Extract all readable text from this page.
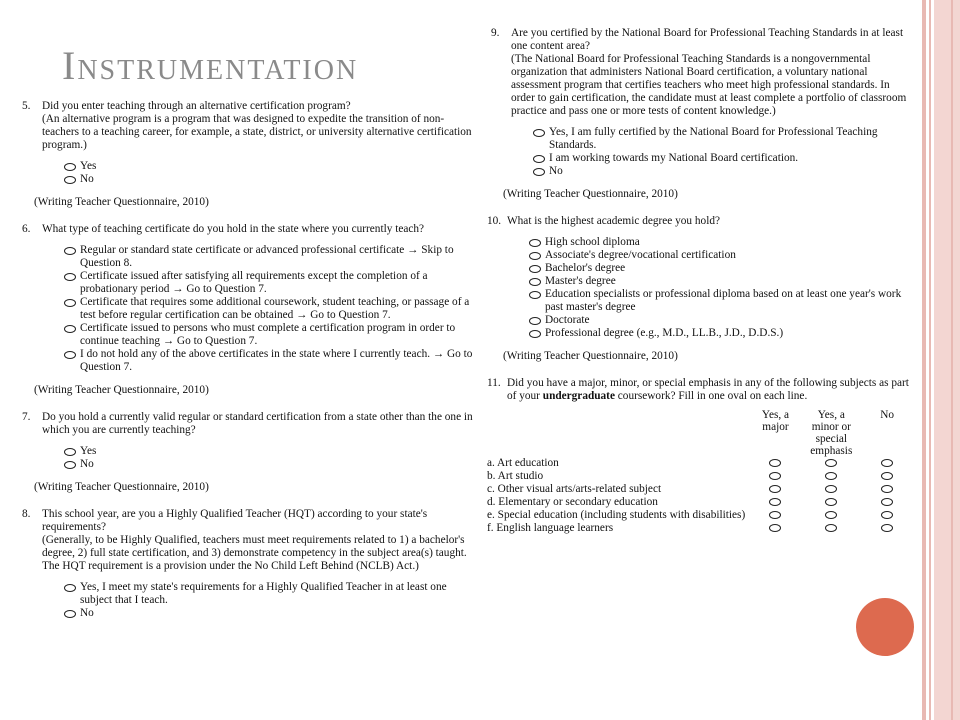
Instrumentation
5.	Did you enter teaching through an alternative certification program?
(An alternative program is a program that was designed to expedite the transition of non-teachers to a teaching career, for example, a state, district, or university alternative certification program.)
Yes
No
(Writing Teacher Questionnaire, 2010)
6.	What type of teaching certificate do you hold in the state where you currently teach?
Regular or standard state certificate or advanced professional certificate → Skip to Question 8.
Certificate issued after satisfying all requirements except the completion of a probationary period → Go to Question 7.
Certificate that requires some additional coursework, student teaching, or passage of a test before regular certification can be obtained → Go to Question 7.
Certificate issued to persons who must complete a certification program in order to continue teaching → Go to Question 7.
I do not hold any of the above certificates in the state where I currently teach. → Go to Question 7.
(Writing Teacher Questionnaire, 2010)
7.	Do you hold a currently valid regular or standard certification from a state other than the one in which you are currently teaching?
Yes
No
(Writing Teacher Questionnaire, 2010)
8.	This school year, are you a Highly Qualified Teacher (HQT) according to your state's requirements?
(Generally, to be Highly Qualified, teachers must meet requirements related to 1) a bachelor's degree, 2) full state certification, and 3) demonstrate competency in the subject area(s) taught. The HQT requirement is a provision under the No Child Left Behind (NCLB) Act.)
Yes, I meet my state's requirements for a Highly Qualified Teacher in at least one subject that I teach.
No
9.	Are you certified by the National Board for Professional Teaching Standards in at least one content area?
(The National Board for Professional Teaching Standards is a nongovernmental organization that administers National Board certification, a voluntary national assessment program that certifies teachers who meet high professional standards. In order to gain certification, the candidate must at least complete a portfolio of classroom practice and pass one or more tests of content knowledge.)
Yes, I am fully certified by the National Board for Professional Teaching Standards.
I am working towards my National Board certification.
No
(Writing Teacher Questionnaire, 2010)
10. What is the highest academic degree you hold?
High school diploma
Associate's degree/vocational certification
Bachelor's degree
Master's degree
Education specialists or professional diploma based on at least one year's work past master's degree
Doctorate
Professional degree (e.g., M.D., LL.B., J.D., D.D.S.)
(Writing Teacher Questionnaire, 2010)
11. Did you have a major, minor, or special emphasis in any of the following subjects as part of your undergraduate coursework? Fill in one oval on each line.
	Yes, a major	Yes, a minor or special emphasis	No
a. Art education			
b. Art studio			
c. Other visual arts/arts-related subject			
d. Elementary or secondary education			
e. Special education (including students with disabilities)			
f. English language learners			
